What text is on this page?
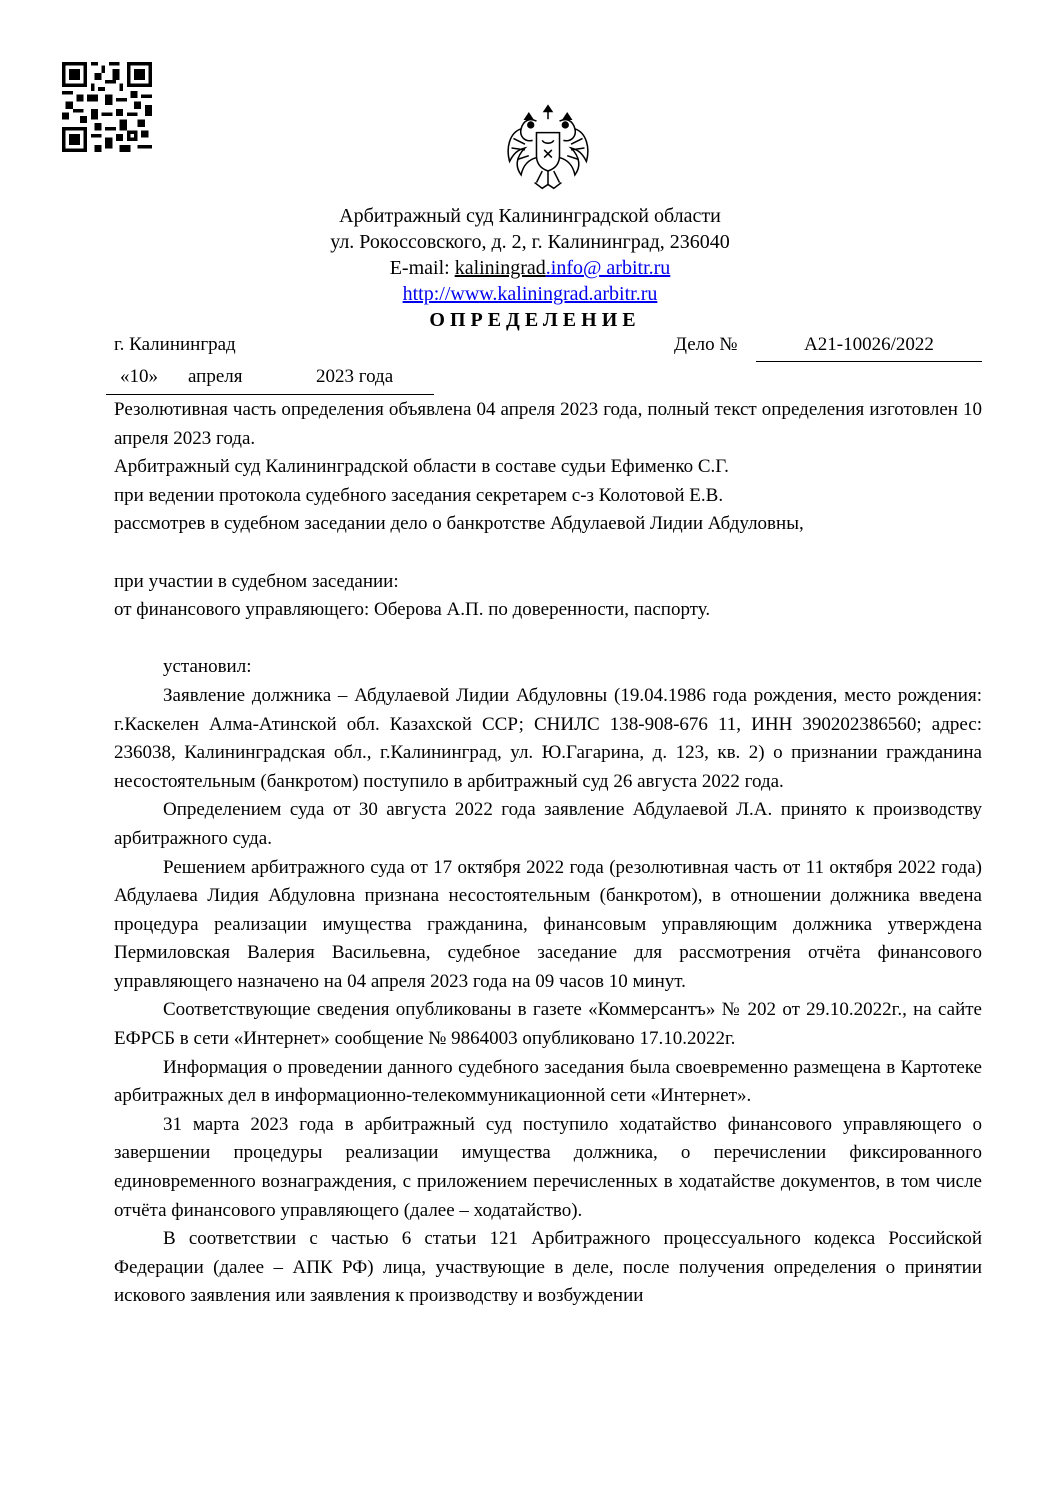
Арбитражный суд Калининградской области
ул. Рокоссовского, д. 2, г. Калининград, 236040
E-mail: kaliningrad.info@ arbitr.ru
http://www.kaliningrad.arbitr.ru
ОПРЕДЕЛЕНИЕ
г. Калининград	Дело №	А21-10026/2022
«10» апреля	2023 года

Резолютивная часть определения объявлена 04 апреля 2023 года, полный текст определения изготовлен 10 апреля 2023 года.

Арбитражный суд Калининградской области в составе судьи Ефименко С.Г.

при ведении протокола судебного заседания секретарем с-з Колотовой Е.В.

рассмотрев в судебном заседании дело о банкротстве Абдулаевой Лидии Абдуловны,

при участии в судебном заседании:

от финансового управляющего: Оберова А.П. по доверенности, паспорту.

установил:

Заявление должника – Абдулаевой Лидии Абдуловны (19.04.1986 года рождения, место рождения: г.Каскелен Алма-Атинской обл. Казахской ССР; СНИЛС 138-908-676 11, ИНН 390202386560; адрес: 236038, Калининградская обл., г.Калининград, ул. Ю.Гагарина, д. 123, кв. 2) о признании гражданина несостоятельным (банкротом) поступило в арбитражный суд 26 августа 2022 года.

Определением суда от 30 августа 2022 года заявление Абдулаевой Л.А. принято к производству арбитражного суда.

Решением арбитражного суда от 17 октября 2022 года (резолютивная часть от 11 октября 2022 года) Абдулаева Лидия Абдуловна признана несостоятельным (банкротом), в отношении должника введена процедура реализации имущества гражданина, финансовым управляющим должника утверждена Пермиловская Валерия Васильевна, судебное заседание для рассмотрения отчёта финансового управляющего назначено на 04 апреля 2023 года на 09 часов 10 минут.

Соответствующие сведения опубликованы в газете «Коммерсантъ» № 202 от 29.10.2022г., на сайте ЕФРСБ в сети «Интернет» сообщение № 9864003 опубликовано 17.10.2022г.

Информация о проведении данного судебного заседания была своевременно размещена в Картотеке арбитражных дел в информационно-телекоммуникационной сети «Интернет».

31 марта 2023 года в арбитражный суд поступило ходатайство финансового управляющего о завершении процедуры реализации имущества должника, о перечислении фиксированного единовременного вознаграждения, с приложением перечисленных в ходатайстве документов, в том числе отчёта финансового управляющего (далее – ходатайство).

В соответствии с частью 6 статьи 121 Арбитражного процессуального кодекса Российской Федерации (далее – АПК РФ) лица, участвующие в деле, после получения определения о принятии искового заявления или заявления к производству и возбуждении
